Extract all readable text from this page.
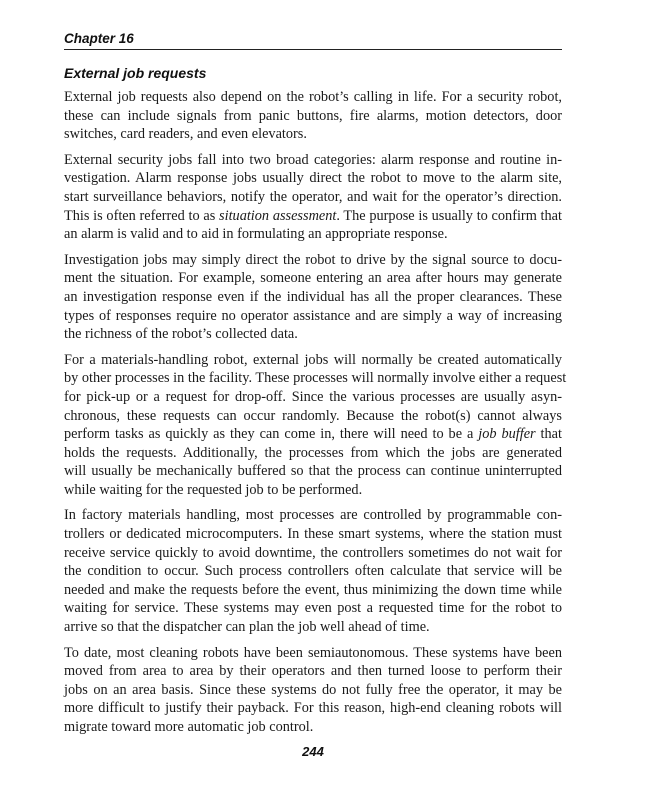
Chapter 16
External job requests

External job requests also depend on the robot’s calling in life. For a security robot,
these can include signals from panic buttons, fire alarms, motion detectors, door
switches, card readers, and even elevators.

External security jobs fall into two broad categories: alarm response and routine in-
vestigation. Alarm response jobs usually direct the robot to move to the alarm site,
start surveillance behaviors, notify the operator, and wait for the operator’s direction.
This is often referred to as situation assessment. The purpose is usually to confirm that
an alarm is valid and to aid in formulating an appropriate response.

Investigation jobs may simply direct the robot to drive by the signal source to docu-
ment the situation. For example, someone entering an area after hours may generate
an investigation response even if the individual has all the proper clearances. These
types of responses require no operator assistance and are simply a way of increasing
the richness of the robot’s collected data.

For a materials-handling robot, external jobs will normally be created automatically
by other processes in the facility. These processes will normally involve either a request
for pick-up or a request for drop-off. Since the various processes are usually asyn-
chronous, these requests can occur randomly. Because the robot(s) cannot always
perform tasks as quickly as they can come in, there will need to be a job buffer that
holds the requests. Additionally, the processes from which the jobs are generated
will usually be mechanically buffered so that the process can continue uninterrupted
while waiting for the requested job to be performed.

In factory materials handling, most processes are controlled by programmable con-
trollers or dedicated microcomputers. In these smart systems, where the station must
receive service quickly to avoid downtime, the controllers sometimes do not wait for
the condition to occur. Such process controllers often calculate that service will be
needed and make the requests before the event, thus minimizing the down time while
waiting for service. These systems may even post a requested time for the robot to
arrive so that the dispatcher can plan the job well ahead of time.

To date, most cleaning robots have been semiautonomous. These systems have been
moved from area to area by their operators and then turned loose to perform their
jobs on an area basis. Since these systems do not fully free the operator, it may be
more difficult to justify their payback. For this reason, high-end cleaning robots will
migrate toward more automatic job control.

244
